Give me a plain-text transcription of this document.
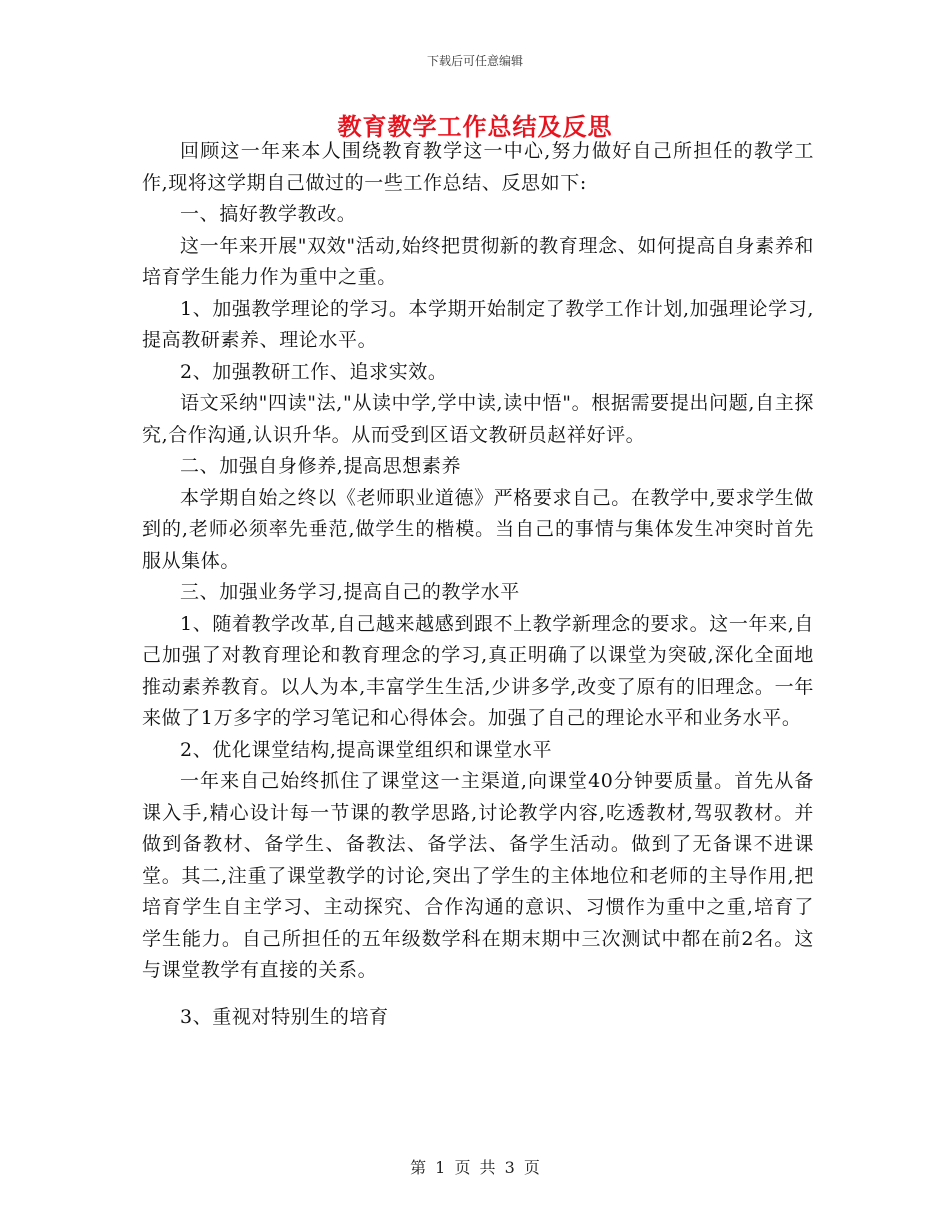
下载后可任意编辑
教育教学工作总结及反思

回顾这一年来本人围绕教育教学这一中心,努力做好自己所担任的教学工作,现将这学期自己做过的一些工作总结、反思如下:

一、搞好教学教改。

这一年来开展"双效"活动,始终把贯彻新的教育理念、如何提高自身素养和培育学生能力作为重中之重。

1、加强教学理论的学习。本学期开始制定了教学工作计划,加强理论学习,提高教研素养、理论水平。

2、加强教研工作、追求实效。

语文采纳"四读"法,"从读中学,学中读,读中悟"。根据需要提出问题,自主探究,合作沟通,认识升华。从而受到区语文教研员赵祥好评。

二、加强自身修养,提高思想素养

本学期自始之终以《老师职业道德》严格要求自己。在教学中,要求学生做到的,老师必须率先垂范,做学生的楷模。当自己的事情与集体发生冲突时首先服从集体。

三、加强业务学习,提高自己的教学水平

1、随着教学改革,自己越来越感到跟不上教学新理念的要求。这一年来,自己加强了对教育理论和教育理念的学习,真正明确了以课堂为突破,深化全面地推动素养教育。以人为本,丰富学生生活,少讲多学,改变了原有的旧理念。一年来做了1万多字的学习笔记和心得体会。加强了自己的理论水平和业务水平。

2、优化课堂结构,提高课堂组织和课堂水平

一年来自己始终抓住了课堂这一主渠道,向课堂40分钟要质量。首先从备课入手,精心设计每一节课的教学思路,讨论教学内容,吃透教材,驾驭教材。并做到备教材、备学生、备教法、备学法、备学生活动。做到了无备课不进课堂。其二,注重了课堂教学的讨论,突出了学生的主体地位和老师的主导作用,把培育学生自主学习、主动探究、合作沟通的意识、习惯作为重中之重,培育了学生能力。自己所担任的五年级数学科在期末期中三次测试中都在前2名。这与课堂教学有直接的关系。

3、重视对特别生的培育

第 1 页 共 3 页
